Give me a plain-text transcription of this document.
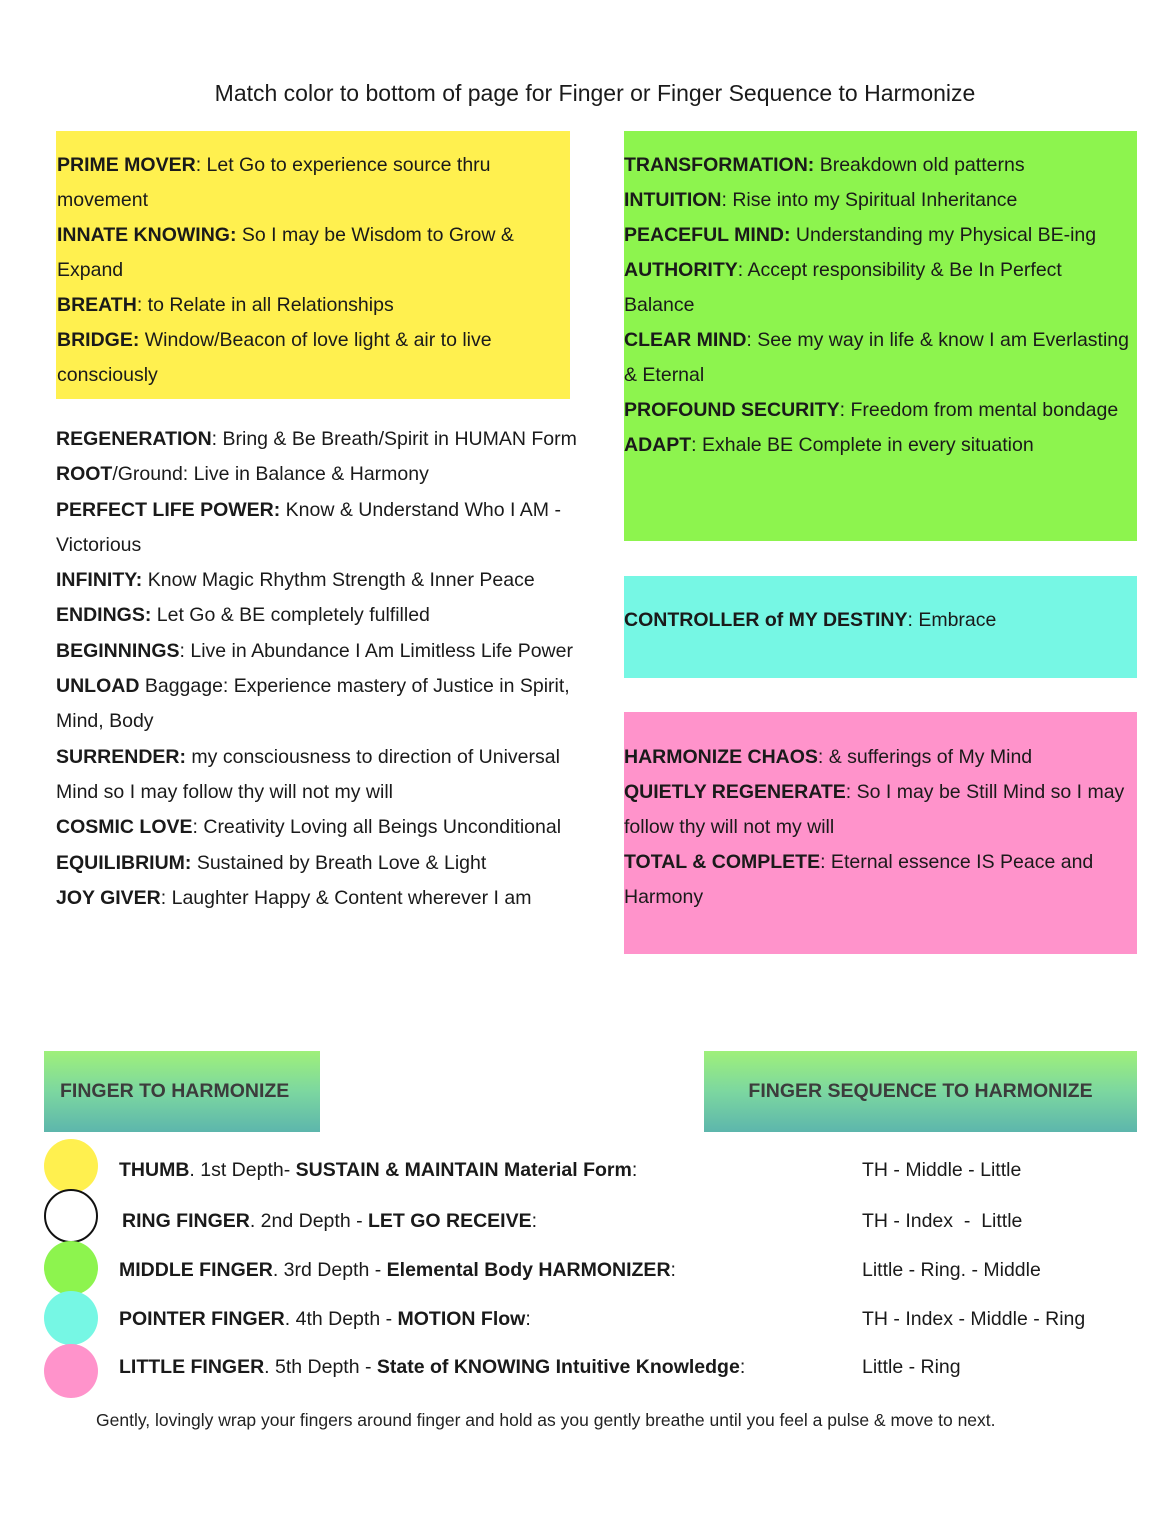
Match color to bottom of page for Finger or Finger Sequence to Harmonize

PRIME MOVER: Let Go to experience source thru movement

INNATE KNOWING: So I may be Wisdom to Grow & Expand

BREATH: to Relate in all Relationships

BRIDGE: Window/Beacon of love light & air to live consciously

REGENERATION: Bring & Be Breath/Spirit in HUMAN Form

ROOT/Ground: Live in Balance & Harmony

PERFECT LIFE POWER: Know & Understand Who I AM - Victorious

INFINITY: Know Magic Rhythm Strength & Inner Peace

ENDINGS: Let Go & BE completely fulfilled

BEGINNINGS: Live in Abundance I Am Limitless Life Power

UNLOAD Baggage: Experience mastery of Justice in Spirit, Mind, Body

SURRENDER: my consciousness to direction of Universal Mind so I may follow thy will not my will

COSMIC LOVE: Creativity Loving all Beings Unconditional

EQUILIBRIUM: Sustained by Breath Love & Light

JOY GIVER: Laughter Happy & Content wherever I am

TRANSFORMATION: Breakdown old patterns

INTUITION: Rise into my Spiritual Inheritance

PEACEFUL MIND: Understanding my Physical BE-ing

AUTHORITY: Accept responsibility & Be In Perfect Balance

CLEAR MIND: See my way in life & know I am Everlasting & Eternal

PROFOUND SECURITY: Freedom from mental bondage

ADAPT: Exhale BE Complete in every situation

CONTROLLER of MY DESTINY: Embrace

HARMONIZE CHAOS: & sufferings of My Mind

QUIETLY REGENERATE: So I may be Still Mind so I may follow thy will not my will

TOTAL & COMPLETE: Eternal essence IS Peace and Harmony

FINGER TO HARMONIZE	FINGER SEQUENCE TO HARMONIZE
THUMB. 1st Depth- SUSTAIN & MAINTAIN Material Form:	TH - Middle - Little
RING FINGER. 2nd Depth - LET GO RECEIVE:	TH - Index  -  Little
MIDDLE FINGER. 3rd Depth - Elemental Body HARMONIZER:	Little - Ring. - Middle
POINTER FINGER. 4th Depth - MOTION Flow:	TH - Index - Middle - Ring
LITTLE FINGER. 5th Depth - State of KNOWING Intuitive Knowledge:	Little - Ring
Gently, lovingly wrap your fingers around finger and hold as you gently breathe until you feel a pulse & move to next.
